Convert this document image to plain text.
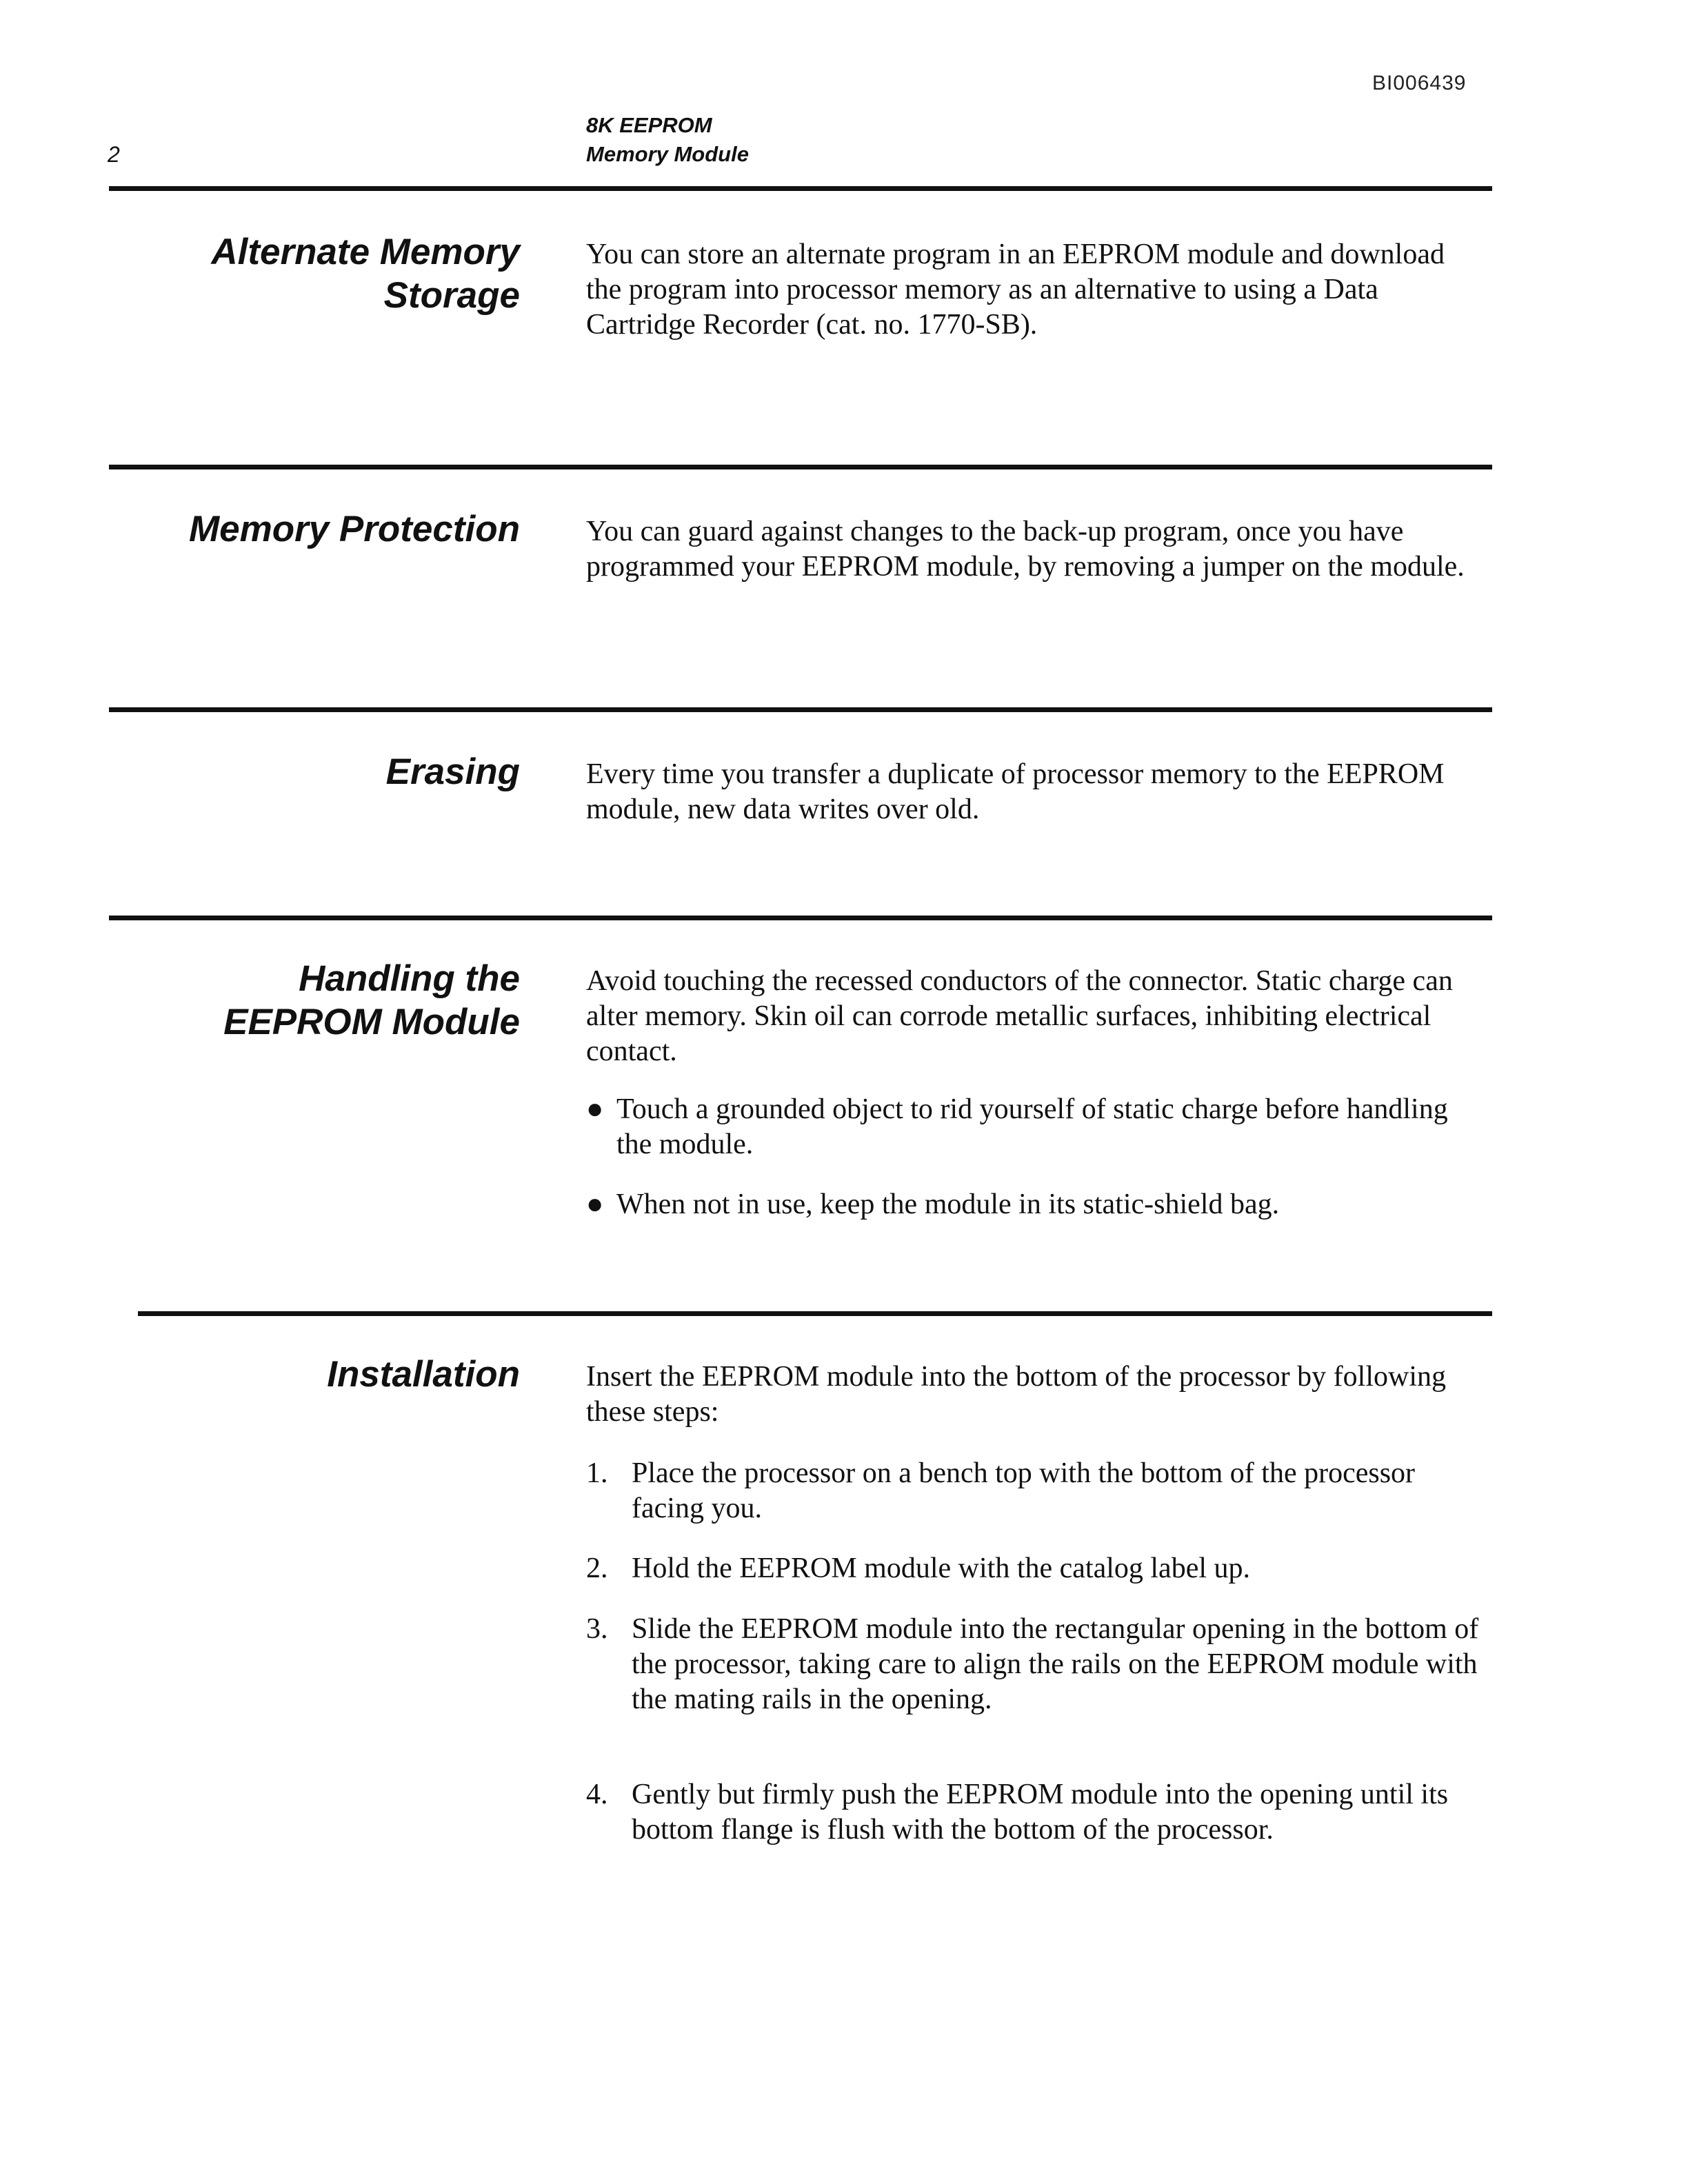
BI006439
2
8K EEPROM
Memory Module
Alternate Memory
Storage

You can store an alternate program in an EEPROM module and download the program into processor memory as an alternative to using a Data Cartridge Recorder (cat. no. 1770-SB).

Memory Protection You can guard against changes to the back-up program, once you have programmed your EEPROM module, by removing a jumper on the module.

Erasing Every time you transfer a duplicate of processor memory to the EEPROM module, new data writes over old.

Handling the
EEPROM Module

Avoid touching the recessed conductors of the connector. Static charge can alter memory. Skin oil can corrode metallic surfaces, inhibiting electrical contact.

● Touch a grounded object to rid yourself of static charge before handling the module.
● When not in use, keep the module in its static-shield bag.
Installation Insert the EEPROM module into the bottom of the processor by following these steps:

1. Place the processor on a bench top with the bottom of the processor facing you.
2. Hold the EEPROM module with the catalog label up.
3. Slide the EEPROM module into the rectangular opening in the bottom of the processor, taking care to align the rails on the EEPROM module with the mating rails in the opening.
4. Gently but firmly push the EEPROM module into the opening until its bottom flange is flush with the bottom of the processor.
